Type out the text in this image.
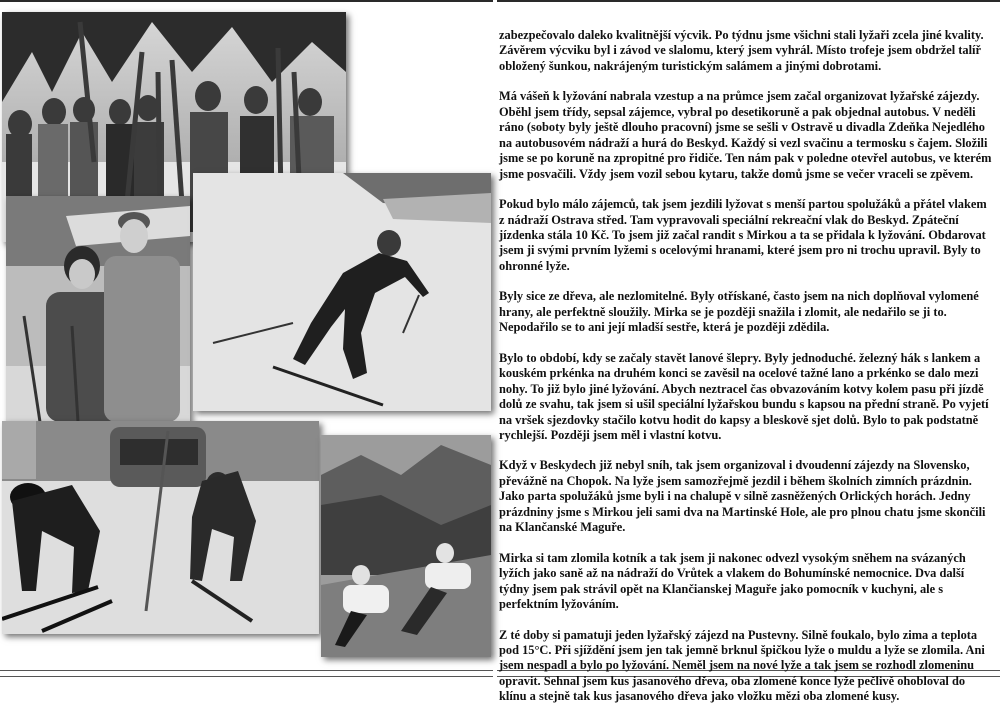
zabezpečovalo daleko kvalitnější výcvik. Po týdnu jsme všichni stali lyžaři zcela jiné kvality. Závěrem výcviku byl i závod ve slalomu, který jsem vyhrál. Místo trofeje jsem obdržel talíř obložený šunkou, nakrájeným turistickým salámem a jinými dobrotami.

Má vášeň k lyžování nabrala vzestup a na průmce jsem začal organizovat lyžařské zájezdy. Oběhl jsem třídy, sepsal zájemce, vybral po desetikoruně a pak objednal autobus. V neděli ráno (soboty byly ještě dlouho pracovní) jsme se sešli v Ostravě u divadla Zdeňka Nejedlého na autobusovém nádraží a hurá do Beskyd. Každý si vezl svačinu a termosku s čajem. Složili jsme se po koruně na zpropitné pro řidiče. Ten nám pak v poledne otevřel autobus, ve kterém jsme posvačili. Vždy jsem vozil sebou kytaru, takže domů jsme se večer vraceli se zpěvem.

Pokud bylo málo zájemců, tak jsem jezdili lyžovat s menší partou spolužáků a přátel vlakem z nádraží Ostrava střed. Tam vypravovali speciální rekreační vlak do Beskyd. Zpáteční jízdenka stála 10 Kč. To jsem již začal randit s Mirkou a ta se přidala k lyžování. Obdarovat jsem ji svými prvním lyžemi s ocelovými hranami, které jsem pro ni trochu upravil. Byly to ohronné lyže.

Byly sice ze dřeva, ale nezlomitelné. Byly otřískané, často jsem na nich doplňoval vylomené hrany, ale perfektně sloužily. Mirka se je později snažila i zlomit, ale nedařilo se ji to. Nepodařilo se to ani její mladší sestře, která je později zdědila.

Bylo to období, kdy se začaly stavět lanové šlepry. Byly jednoduché. železný hák s lankem a kouském prkénka na druhém konci se zavěsil na ocelové tažné lano a prkénko se dalo mezi nohy. To již bylo jiné lyžování. Abych neztracel čas obvazováním kotvy kolem pasu při jízdě dolů ze svahu, tak jsem si ušil speciální lyžařskou bundu s kapsou na přední straně. Po vyjetí na vršek sjezdovky stačilo kotvu hodit do kapsy a bleskově sjet dolů. Bylo to pak podstatně rychlejší. Později jsem měl i vlastní kotvu.

Když v Beskydech již nebyl sníh, tak jsem organizoval i dvoudenní zájezdy na Slovensko, převážně na Chopok. Na lyže jsem samozřejmě jezdil i během školních zimních prázdnin. Jako parta spolužáků jsme byli i na chalupě v silně zasněžených Orlických horách. Jedny prázdniny jsme s Mirkou jeli sami dva na Martinské Hole, ale pro plnou chatu jsme skončili na Klančanské Maguře.

Mirka si tam zlomila kotník a tak jsem ji nakonec odvezl vysokým sněhem na svázaných lyžích jako saně až na nádraží do Vrůtek a vlakem do Bohumínské nemocnice. Dva další týdny jsem pak strávil opět na Klančianskej Maguře jako pomocník v kuchyni, ale s perfektním lyžováním.

Z té doby si pamatuji jeden lyžařský zájezd na Pustevny. Silně foukalo, bylo zima a teplota pod 15°C. Při sjíždění jsem jen tak jemně brknul špičkou lyže o muldu a lyže se zlomila. Ani jsem nespadl a bylo po lyžování. Neměl jsem na nové lyže a tak jsem se rozhodl zlomeninu opravit. Sehnal jsem kus jasanového dřeva, oba zlomené konce lyže pečlivě ohobloval do klínu a stejně tak kus jasanového dřeva jako vložku mězi oba zlomené kusy.
